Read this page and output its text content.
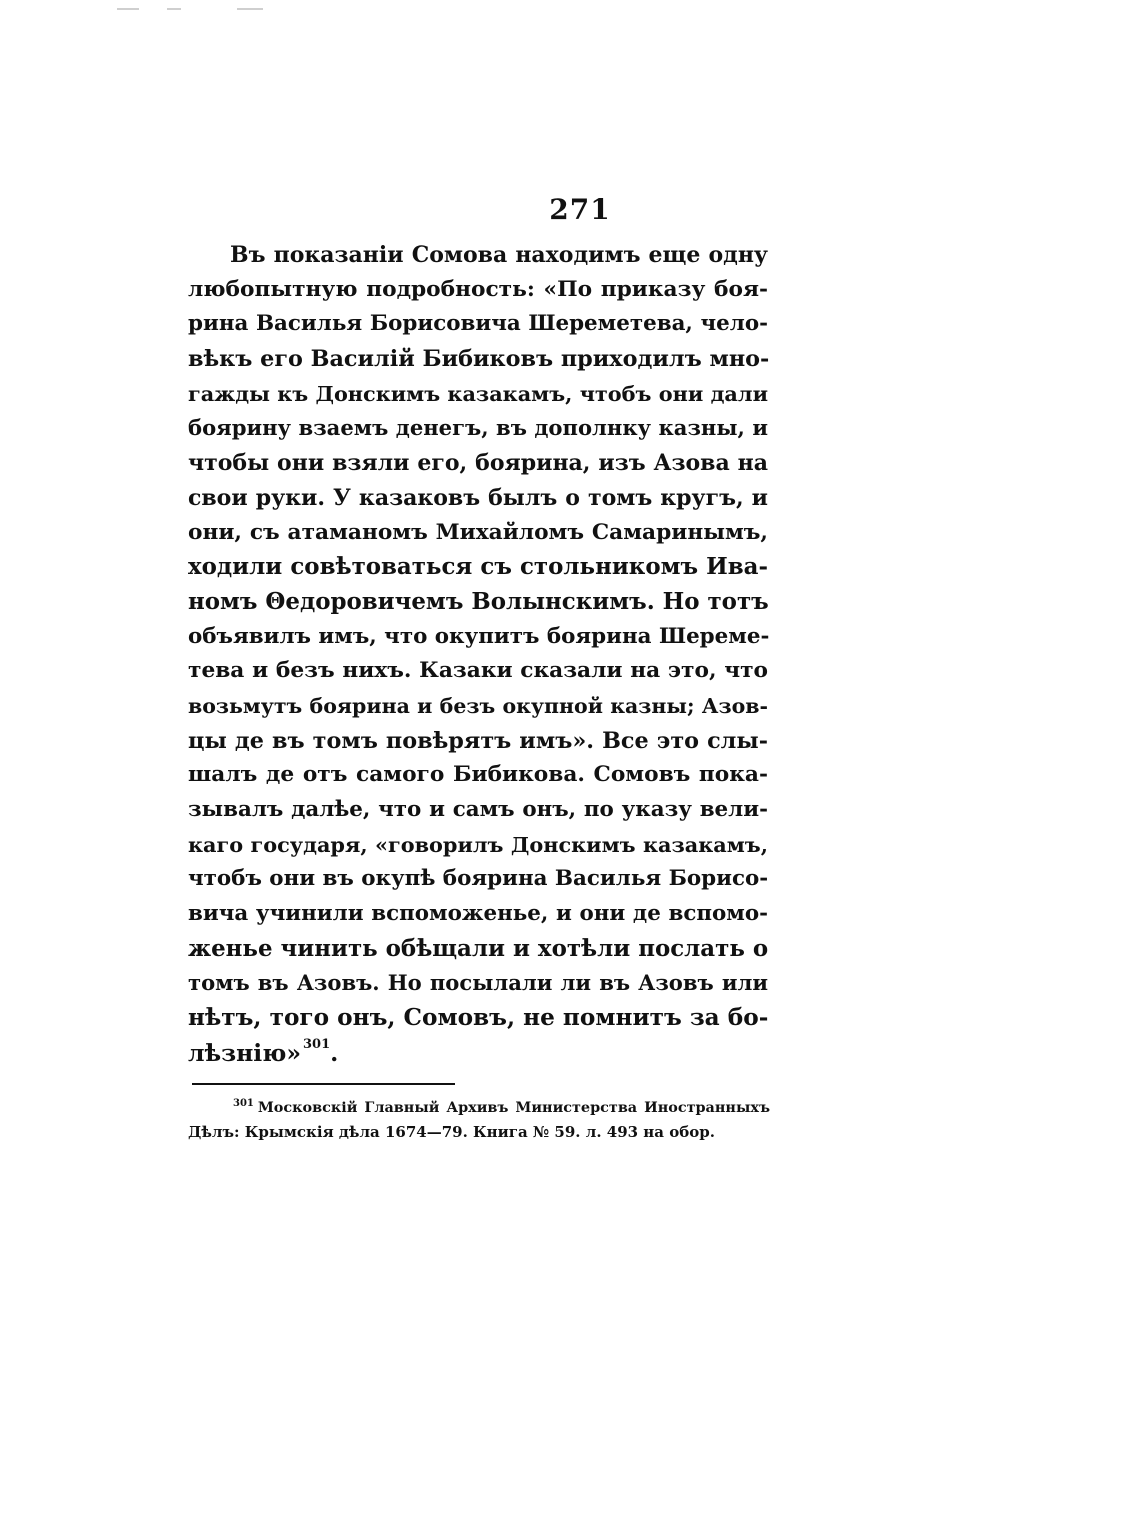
271
Въ показанiи Сомова находимъ еще одну
любопытную подробность: «По приказу боя-
рина Василья Борисовича Шереметева, чело-
вѣкъ его Василiй Бибиковъ приходилъ мно-
гажды къ Донскимъ казакамъ, чтобъ они дали
боярину взаемъ денегъ, въ дополнку казны, и
чтобы они взяли его, боярина, изъ Азова на
свои руки. У казаковъ былъ о томъ кругъ, и
они, съ атаманомъ Михайломъ Самаринымъ,
ходили совѣтоваться съ стольникомъ Ива-
номъ Θедоровичемъ Волынскимъ. Но тотъ
объявилъ имъ, что окупитъ боярина Шереме-
тева и безъ нихъ. Казаки сказали на это, что
возьмутъ боярина и безъ окупной казны; Азов-
цы де въ томъ повѣрятъ имъ». Все это слы-
шалъ де отъ самого Бибикова. Сомовъ пока-
зывалъ далѣе, что и самъ онъ, по указу вели-
каго государя, «говорилъ Донскимъ казакамъ,
чтобъ они въ окупѣ боярина Василья Борисо-
вича учинили вспоможенье, и они де вспомо-
женье чинить обѣщали и хотѣли послать о
томъ въ Азовъ. Но посылали ли въ Азовъ или
нѣтъ, того онъ, Сомовъ, не помнитъ за бо-
лѣзнiю» $^{301}$.
$^{301}$ Московскiй Главный Архивъ Министерства Иностранныхъ
Дѣлъ: Крымскiя дѣла 1674—79. Книга № 59. л. 493 на обор.
